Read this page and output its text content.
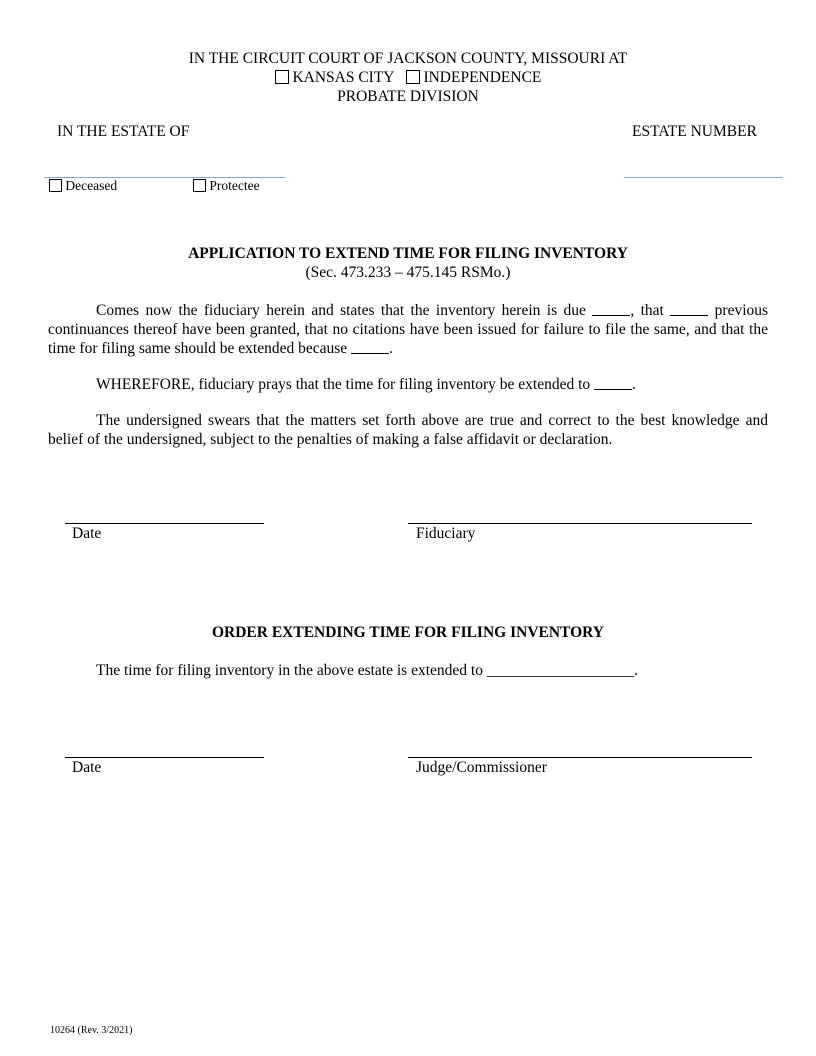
IN THE CIRCUIT COURT OF JACKSON COUNTY, MISSOURI AT
KANSAS CITY INDEPENDENCE
PROBATE DIVISION
IN THE ESTATE OF	ESTATE NUMBER
Deceased	Protectee
APPLICATION TO EXTEND TIME FOR FILING INVENTORY
(Sec. 473.233 – 475.145 RSMo.)
Comes now the fiduciary herein and states that the inventory herein is due	, that	previous continuances thereof have been granted, that no citations have been issued for failure to file the same, and that the time for filing same should be extended because	.
WHEREFORE, fiduciary prays that the time for filing inventory be extended to	.
The undersigned swears that the matters set forth above are true and correct to the best knowledge and belief of the undersigned, subject to the penalties of making a false affidavit or declaration.
Date	Fiduciary
ORDER EXTENDING TIME FOR FILING INVENTORY
The time for filing inventory in the above estate is extended to ___________________.
Date	Judge/Commissioner
10264 (Rev. 3/2021)
